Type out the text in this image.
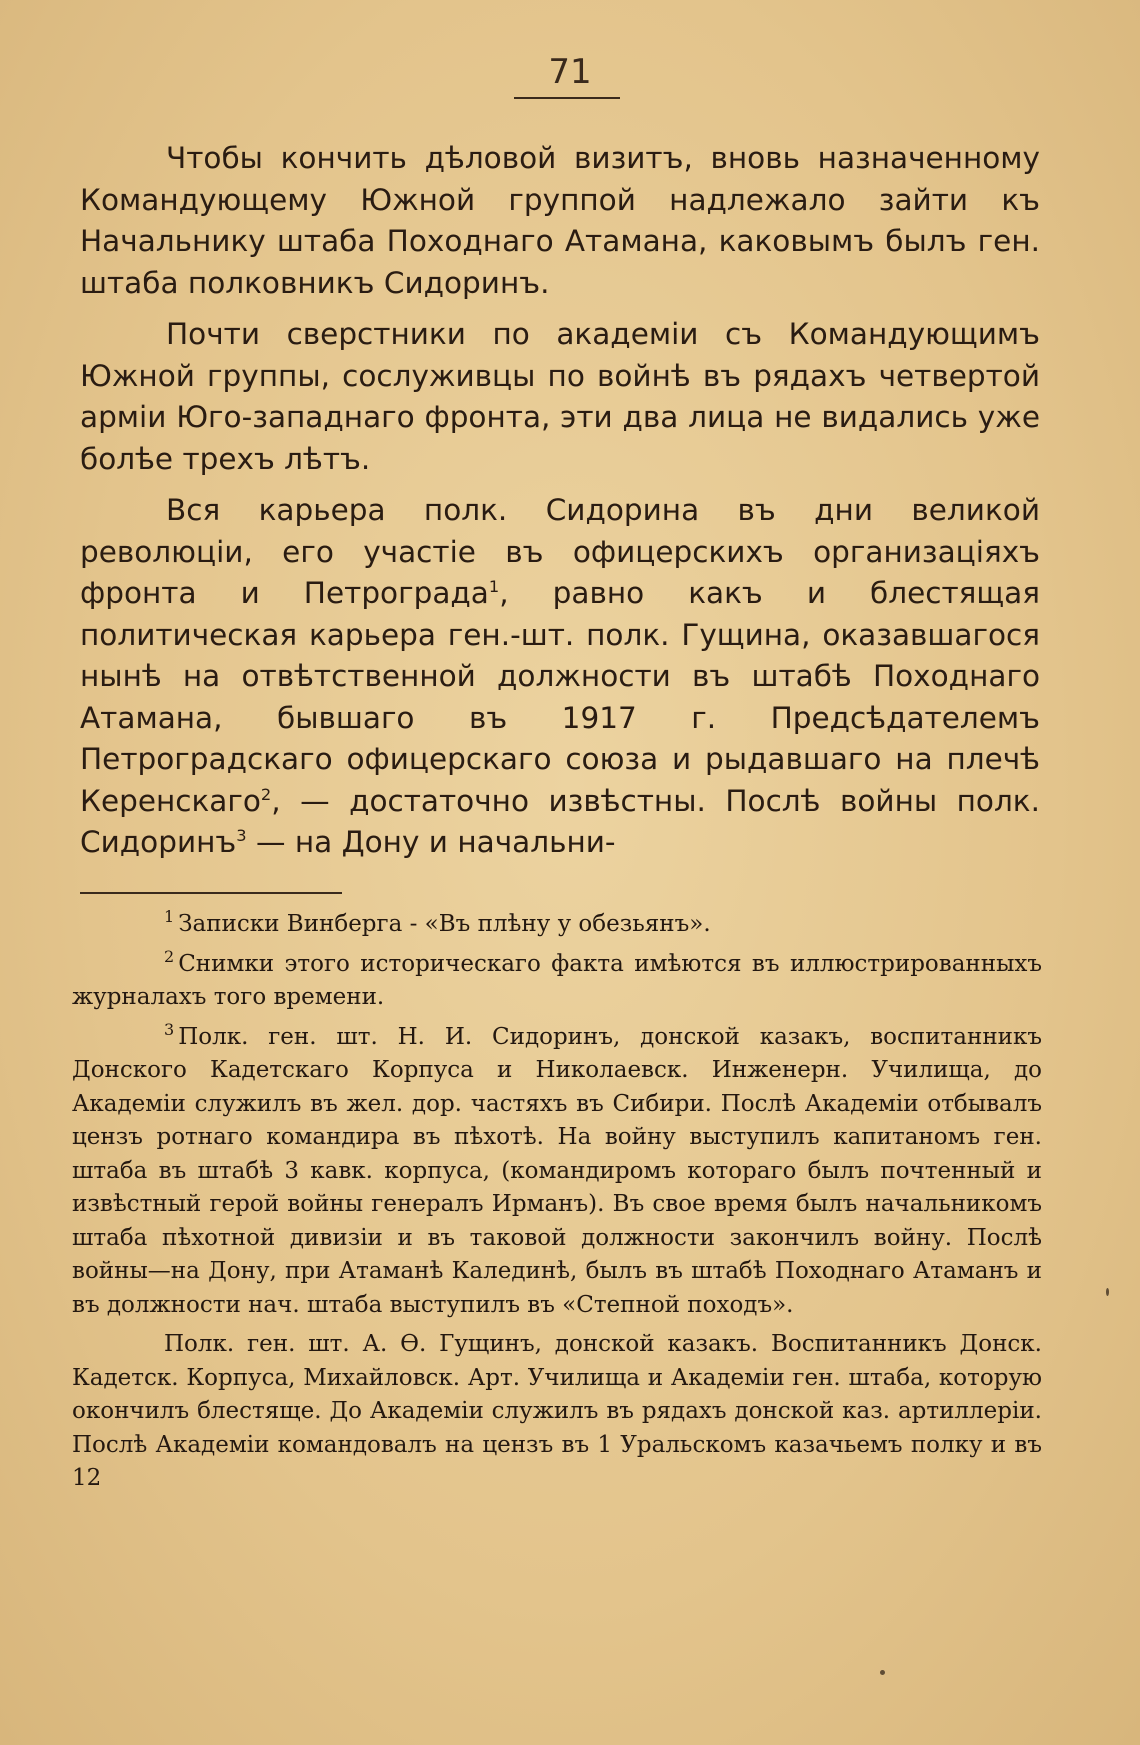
71

Чтобы кончить дѣловой визитъ, вновь назначенному Командующему Южной группой надлежало зайти къ Начальнику штаба Походнаго Атамана, каковымъ былъ ген. штаба полковникъ Сидоринъ.

Почти сверстники по академіи съ Командующимъ Южной группы, сослуживцы по войнѣ въ рядахъ четвертой арміи Юго-западнаго фронта, эти два лица не видались уже болѣе трехъ лѣтъ.

Вся карьера полк. Сидорина въ дни великой революціи, его участіе въ офицерскихъ организаціяхъ фронта и Петрограда$^1$, равно какъ и блестящая политическая карьера ген.-шт. полк. Гущина, оказавшагося нынѣ на отвѣтственной должности въ штабѣ Походнаго Атамана, бывшаго въ 1917 г. Предсѣдателемъ Петроградскаго офицерскаго союза и рыдавшаго на плечѣ Керенскаго$^2$, — достаточно извѣстны. Послѣ войны полк. Сидоринъ$^3$ — на Дону и начальни-

$^1$ Записки Винберга - «Въ плѣну у обезьянъ».

$^2$ Снимки этого историческаго факта имѣются въ иллюстрированныхъ журналахъ того времени.

$^3$ Полк. ген. шт. Н. И. Сидоринъ, донской казакъ, воспитанникъ Донского Кадетскаго Корпуса и Николаевск. Инженерн. Училища, до Академіи служилъ въ жел. дор. частяхъ въ Сибири. Послѣ Академіи отбывалъ цензъ ротнаго командира въ пѣхотѣ. На войну выступилъ капитаномъ ген. штаба въ штабѣ 3 кавк. корпуса, (командиромъ котораго былъ почтенный и извѣстный герой войны генералъ Ирманъ). Въ свое время былъ начальникомъ штаба пѣхотной дивизіи и въ таковой должности закончилъ войну. Послѣ войны—на Дону, при Атаманѣ Калединѣ, былъ въ штабѣ Походнаго Атаманъ и въ должности нач. штаба выступилъ въ «Степной походъ».

Полк. ген. шт. А. Ѳ. Гущинъ, донской казакъ. Воспитанникъ Донск. Кадетск. Корпуса, Михайловск. Арт. Училища и Академіи ген. штаба, которую окончилъ блестяще. До Академіи служилъ въ рядахъ донской каз. артиллеріи. Послѣ Академіи командовалъ на цензъ въ 1 Уральскомъ казачьемъ полку и въ 12
